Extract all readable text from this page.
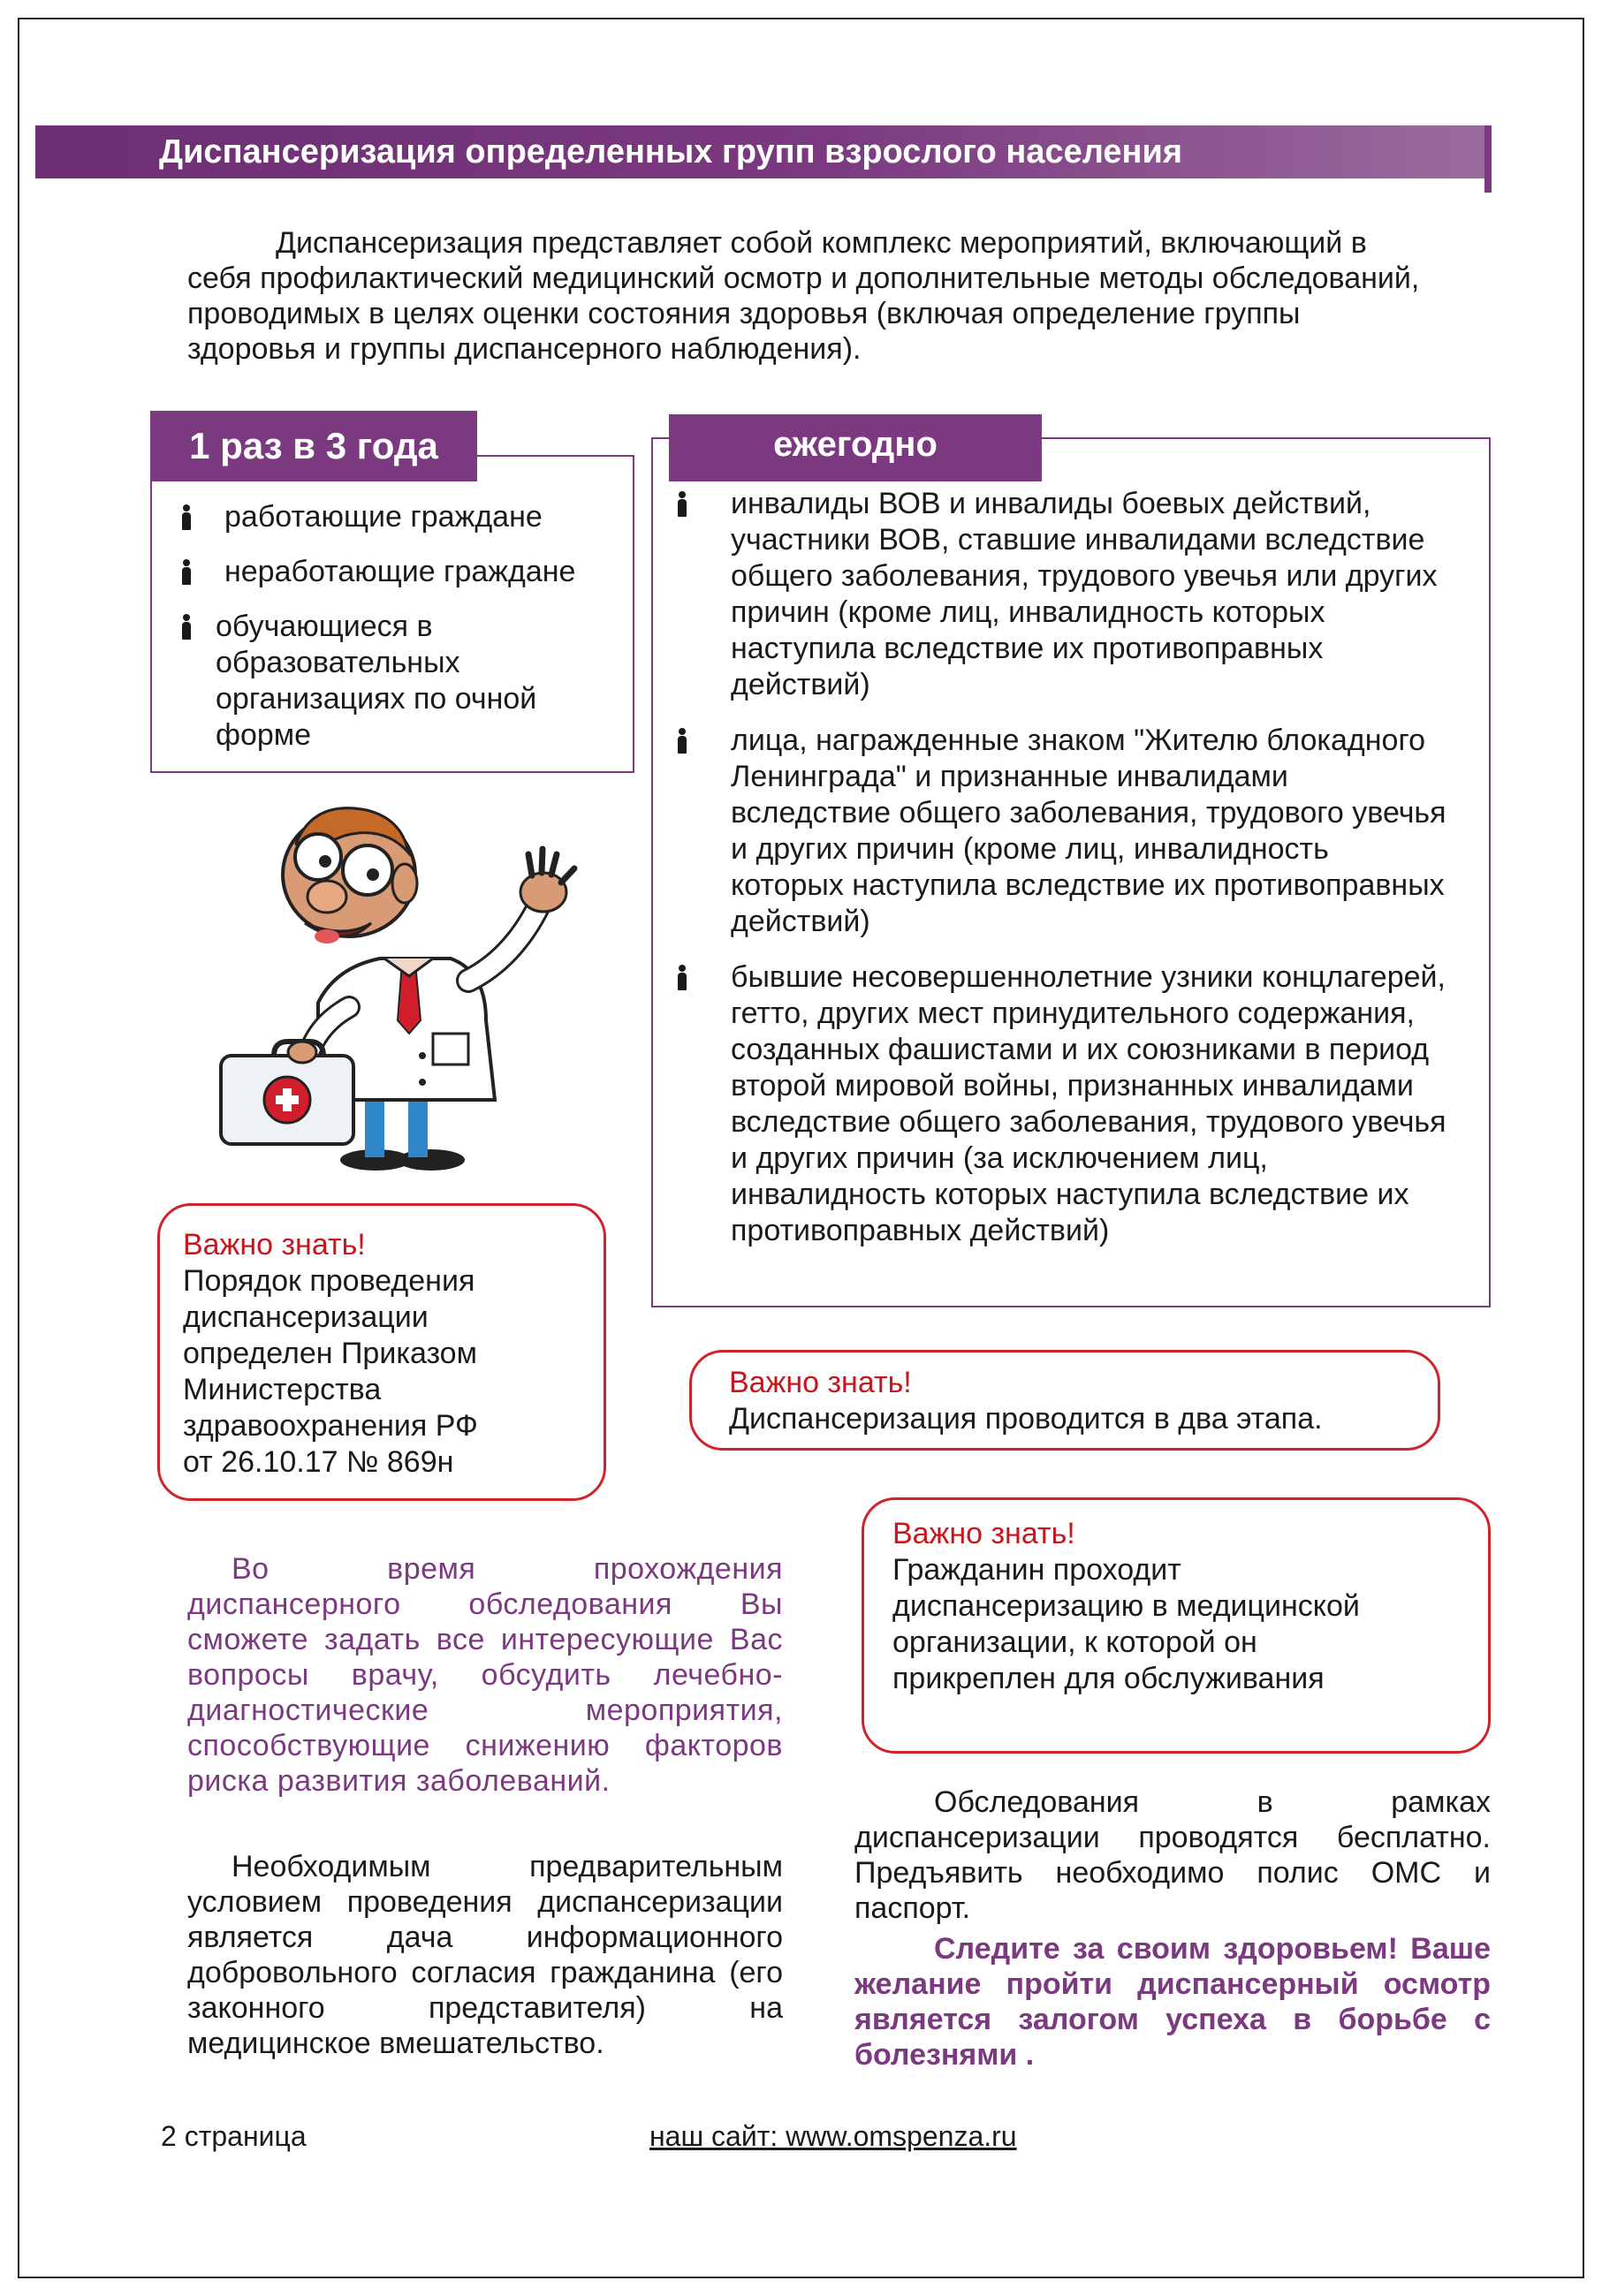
Диспансеризация определенных групп взрослого населения
Диспансеризация представляет собой комплекс мероприятий, включающий в
себя профилактический медицинский осмотр и дополнительные методы обследований,
проводимых в целях оценки состояния здоровья (включая определение группы
здоровья и группы диспансерного наблюдения).
работающие граждане
неработающие граждане
обучающиеся в образовательных организациях по очной форме
1 раз в 3 года
инвалиды ВОВ и инвалиды боевых действий, участники ВОВ, ставшие инвалидами вследствие общего заболевания, трудового увечья или других причин (кроме лиц, инвалидность которых наступила вследствие их противоправных действий)
лица, награжденные знаком "Жителю блокадного Ленинграда" и признанные инвалидами вследствие общего заболевания, трудового увечья и других причин (кроме лиц, инвалидность которых наступила вследствие их противоправных действий)
бывшие несовершеннолетние узники концлагерей, гетто, других мест принудительного содержания, созданных фашистами и их союзниками в период второй мировой войны, признанных инвалидами вследствие общего заболевания, трудового увечья и других причин (за исключением лиц, инвалидность которых наступила вследствие их противоправных действий)
ежегодно
Важно знать!
Порядок проведения диспансеризации определен Приказом Министерства здравоохранения РФ от 26.10.17 № 869н
Важно знать!
Диспансеризация проводится в два этапа.
Важно знать!
Гражданин проходит диспансеризацию в медицинской организации, к которой он прикреплен для обслуживания
Во время прохождения диспансерного обследования Вы сможете задать все интересующие Вас вопросы врачу, обсудить лечебно-диагностические мероприятия, способствующие снижению факторов риска развития заболеваний.
Необходимым предварительным условием проведения диспансеризации является дача информационного добровольного согласия гражданина (его законного представителя) на медицинское вмешательство.
Обследования в рамках диспансеризации проводятся бесплатно. Предъявить необходимо полис ОМС и паспорт.
Следите за своим здоровьем! Ваше желание пройти диспансерный осмотр является залогом успеха в борьбе с болезнями .
2 страница	наш сайт: www.omspenza.ru
